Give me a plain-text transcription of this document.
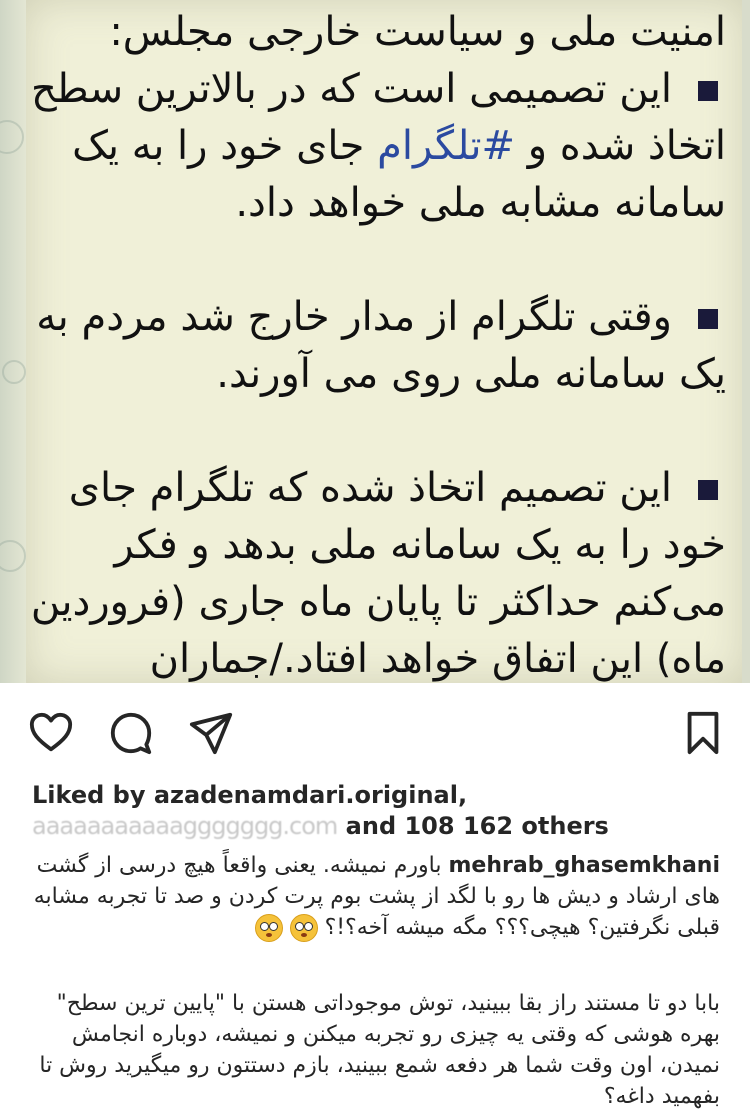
امنیت ملی و سیاست خارجی مجلس:

این تصمیمی است که در بالاترین سطح اتخاذ شده و #تلگرام جای خود را به یک سامانه مشابه ملی خواهد داد.

وقتی تلگرام از مدار خارج شد مردم به یک سامانه ملی روی می آورند.

این تصمیم اتخاذ شده که تلگرام جای خود را به یک سامانه ملی بدهد و فکر می‌کنم حداکثر تا پایان ماه جاری (فروردین ماه) این اتفاق خواهد افتاد./جماران

Liked by azadenamdari.original,
aaaaaaaaaaaggggggg.com and 108 162 others
mehrab_ghasemkhani باورم نمیشه. یعنی واقعاً هیچ درسی از گشت های ارشاد و دیش ها رو با لگد از پشت بوم پرت کردن و صد تا تجربه مشابه قبلی نگرفتین؟ هیچی؟؟؟ مگه میشه آخه؟!؟

بابا دو تا مستند راز بقا ببینید، توش موجوداتی هستن با "پایین ترین سطح" بهره هوشی که وقتی یه چیزی رو تجربه میکنن و نمیشه، دوباره انجامش نمیدن، اون وقت شما هر دفعه شمع ببینید، بازم دستتون رو میگیرید روش تا بفهمید داغه؟
